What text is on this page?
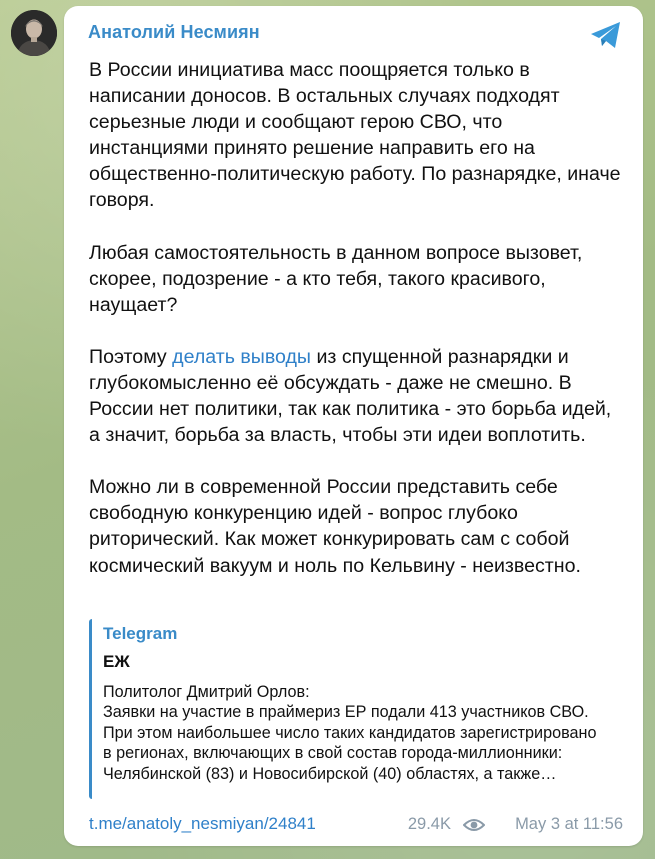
Анатолий Несмиян

В России инициатива масс поощряется только в написании доносов. В остальных случаях подходят серьезные люди и сообщают герою СВО, что инстанциями принято решение направить его на общественно-политическую работу. По разнарядке, иначе говоря.

Любая самостоятельность в данном вопросе вызовет, скорее, подозрение - а кто тебя, такого красивого, наущает?

Поэтому делать выводы из спущенной разнарядки и глубокомысленно её обсуждать - даже не смешно. В России нет политики, так как политика - это борьба идей, а значит, борьба за власть, чтобы эти идеи воплотить.

Можно ли в современной России представить себе свободную конкуренцию идей - вопрос глубоко риторический. Как может конкурировать сам с собой космический вакуум и ноль по Кельвину - неизвестно.

Telegram
ЕЖ
Политолог Дмитрий Орлов:
Заявки на участие в праймериз ЕР подали 413 участников СВО. При этом наибольшее число таких кандидатов зарегистрировано в регионах, включающих в свой состав города-миллионники: Челябинской (83) и Новосибирской (40) областях, а также…
t.me/anatoly_nesmiyan/24841	29.4K	May 3 at 11:56
